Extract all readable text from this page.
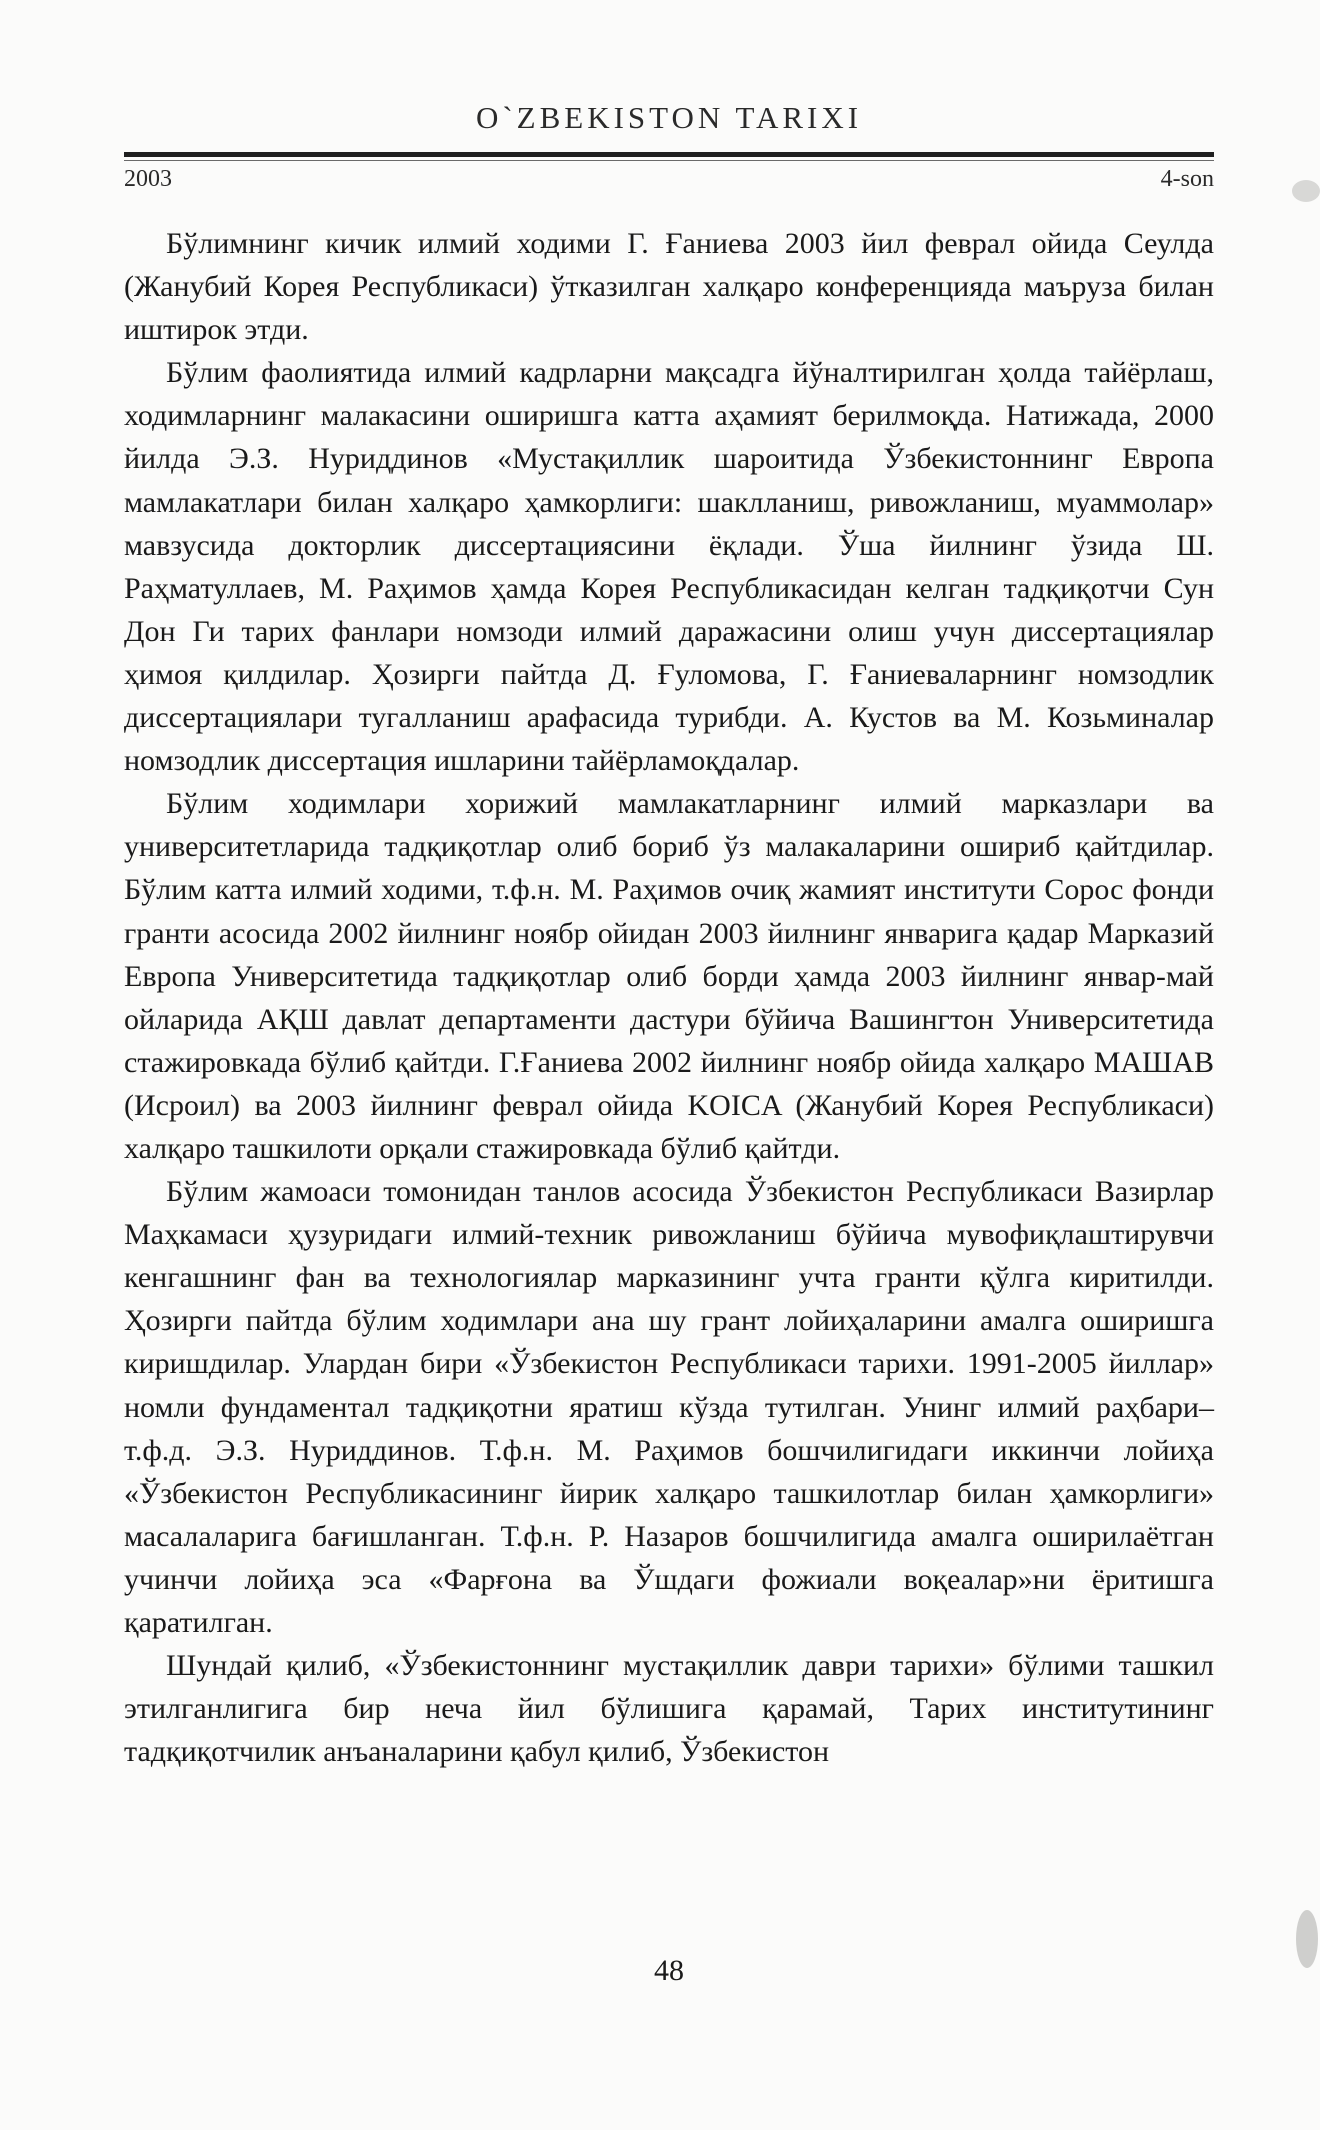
O`ZBEKISTON TARIXI
2003	4-son

Бўлимнинг кичик илмий ходими Г. Ғаниева 2003 йил феврал ойида Сеулда (Жанубий Корея Республикаси) ўтказилган халқаро конференцияда маъруза билан иштирок этди.

Бўлим фаолиятида илмий кадрларни мақсадга йўналтирилган ҳолда тайёрлаш, ходимларнинг малакасини оширишга катта аҳамият берилмоқда. Натижада, 2000 йилда Э.З. Нуриддинов «Мустақиллик шароитида Ўзбекистоннинг Европа мамлакатлари билан халқаро ҳамкорлиги: шаклланиш, ривожланиш, муаммолар» мавзусида докторлик диссертациясини ёқлади. Ўша йилнинг ўзида Ш. Раҳматуллаев, М. Раҳимов ҳамда Корея Республикасидан келган тадқиқотчи Сун Дон Ги тарих фанлари номзоди илмий даражасини олиш учун диссертациялар ҳимоя қилдилар. Ҳозирги пайтда Д. Ғуломова, Г. Ғаниеваларнинг номзодлик диссертациялари тугалланиш арафасида турибди. А. Кустов ва М. Козьминалар номзодлик диссертация ишларини тайёрламоқдалар.

Бўлим ходимлари хорижий мамлакатларнинг илмий марказлари ва университетларида тадқиқотлар олиб бориб ўз малакаларини ошириб қайтдилар. Бўлим катта илмий ходими, т.ф.н. М. Раҳимов очиқ жамият институти Сорос фонди гранти асосида 2002 йилнинг ноябр ойидан 2003 йилнинг январига қадар Марказий Европа Университетида тадқиқотлар олиб борди ҳамда 2003 йилнинг январ-май ойларида АҚШ давлат департаменти дастури бўйича Вашингтон Университетида стажировкада бўлиб қайтди. Г.Ғаниева 2002 йилнинг ноябр ойида халқаро МАШАВ (Исроил) ва 2003 йилнинг феврал ойида KOICA (Жанубий Корея Республикаси) халқаро ташкилоти орқали стажировкада бўлиб қайтди.

Бўлим жамоаси томонидан танлов асосида Ўзбекистон Республикаси Вазирлар Маҳкамаси ҳузуридаги илмий-техник ривожланиш бўйича мувофиқлаштирувчи кенгашнинг фан ва технологиялар марказининг учта гранти қўлга киритилди. Ҳозирги пайтда бўлим ходимлари ана шу грант лойиҳаларини амалга оширишга киришдилар. Улардан бири «Ўзбекистон Республикаси тарихи. 1991-2005 йиллар» номли фундаментал тадқиқотни яратиш кўзда тутилган. Унинг илмий раҳбари– т.ф.д. Э.З. Нуриддинов. Т.ф.н. М. Раҳимов бошчилигидаги иккинчи лойиҳа «Ўзбекистон Республикасининг йирик халқаро ташкилотлар билан ҳамкорлиги» масалаларига бағишланган. Т.ф.н. Р. Назаров бошчилигида амалга оширилаётган учинчи лойиҳа эса «Фарғона ва Ўшдаги фожиали воқеалар»ни ёритишга қаратилган.

Шундай қилиб, «Ўзбекистоннинг мустақиллик даври тарихи» бўлими ташкил этилганлигига бир неча йил бўлишига қарамай, Тарих институтининг тадқиқотчилик анъаналарини қабул қилиб, Ўзбекистон

48
